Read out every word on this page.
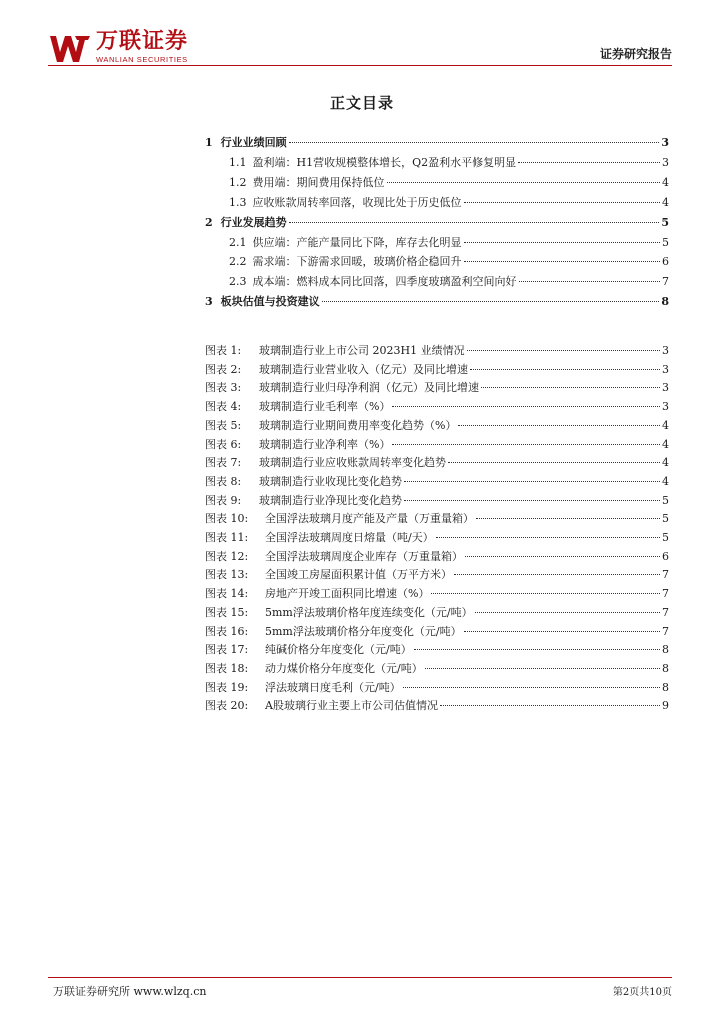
万联证券
WANLIAN SECURITIES	证券研究报告
正文目录
1 行业业绩回顾	3
1.1 盈利端：H1营收规模整体增长，Q2盈利水平修复明显	3
1.2 费用端：期间费用保持低位	4
1.3 应收账款周转率回落，收现比处于历史低位	4
2 行业发展趋势	5
2.1 供应端：产能产量同比下降，库存去化明显	5
2.2 需求端：下游需求回暖，玻璃价格企稳回升	6
2.3 成本端：燃料成本同比回落，四季度玻璃盈利空间向好	7
3 板块估值与投资建议	8
图表 1:	玻璃制造行业上市公司 2023H1 业绩情况	3
图表 2:	玻璃制造行业营业收入（亿元）及同比增速	3
图表 3:	玻璃制造行业归母净利润（亿元）及同比增速	3
图表 4:	玻璃制造行业毛利率（%）	3
图表 5:	玻璃制造行业期间费用率变化趋势（%）	4
图表 6:	玻璃制造行业净利率（%）	4
图表 7:	玻璃制造行业应收账款周转率变化趋势	4
图表 8:	玻璃制造行业收现比变化趋势	4
图表 9:	玻璃制造行业净现比变化趋势	5
图表 10:	全国浮法玻璃月度产能及产量（万重量箱）	5
图表 11:	全国浮法玻璃周度日熔量（吨/天）	5
图表 12:	全国浮法玻璃周度企业库存（万重量箱）	6
图表 13:	全国竣工房屋面积累计值（万平方米）	7
图表 14:	房地产开竣工面积同比增速（%）	7
图表 15:	5mm浮法玻璃价格年度连续变化（元/吨）	7
图表 16:	5mm浮法玻璃价格分年度变化（元/吨）	7
图表 17:	纯碱价格分年度变化（元/吨）	8
图表 18:	动力煤价格分年度变化（元/吨）	8
图表 19:	浮法玻璃日度毛利（元/吨）	8
图表 20:	A股玻璃行业主要上市公司估值情况	9
万联证券研究所 www.wlzq.cn	第2页共10页
